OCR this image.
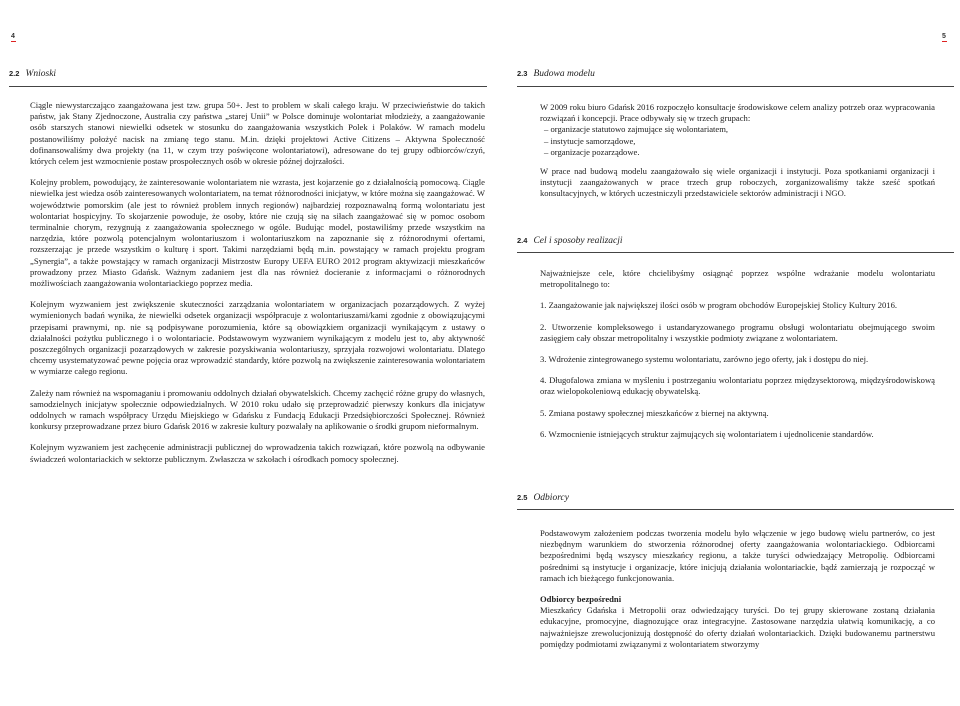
4
2.2 Wnioski

Ciągle niewystarczająco zaangażowana jest tzw. grupa 50+. Jest to problem w skali całego kraju. W przeciwieństwie do takich państw, jak Stany Zjednoczone, Australia czy państwa „starej Unii” w Polsce dominuje wolontariat młodzieży, a zaangażowanie osób starszych stanowi niewielki odsetek w stosunku do zaangażowania wszystkich Polek i Polaków. W ramach modelu postanowiliśmy położyć nacisk na zmianę tego stanu. M.in. dzięki projektowi Active Citizens – Aktywna Społeczność dofinansowaliśmy dwa projekty (na 11, w czym trzy poświęcone wolontariatowi), adresowane do tej grupy odbiorców/czyń, których celem jest wzmocnienie postaw prospołecznych osób w okresie późnej dojrzałości.

Kolejny problem, powodujący, że zainteresowanie wolontariatem nie wzrasta, jest kojarzenie go z działalnością pomocową. Ciągle niewielka jest wiedza osób zainteresowanych wolontariatem, na temat różnorodności inicjatyw, w które można się zaangażować. W województwie pomorskim (ale jest to również problem innych regionów) najbardziej rozpoznawalną formą wolontariatu jest wolontariat hospicyjny. To skojarzenie powoduje, że osoby, które nie czują się na siłach zaangażować się w pomoc osobom terminalnie chorym, rezygnują z zaangażowania społecznego w ogóle. Budując model, postawiliśmy przede wszystkim na narzędzia, które pozwolą potencjalnym wolontariuszom i wolontariuszkom na zapoznanie się z różnorodnymi ofertami, rozszerzając je przede wszystkim o kulturę i sport. Takimi narzędziami będą m.in. powstający w ramach projektu program „Synergia”, a także powstający w ramach organizacji Mistrzostw Europy UEFA EURO 2012 program aktywizacji mieszkańców prowadzony przez Miasto Gdańsk. Ważnym zadaniem jest dla nas również docieranie z informacjami o różnorodnych możliwościach zaangażowania wolontariackiego poprzez media.

Kolejnym wyzwaniem jest zwiększenie skuteczności zarządzania wolontariatem w organizacjach pozarządowych. Z wyżej wymienionych badań wynika, że niewielki odsetek organizacji współpracuje z wolontariuszami/kami zgodnie z obowiązującymi przepisami prawnymi, np. nie są podpisywane porozumienia, które są obowiązkiem organizacji wynikającym z ustawy o działalności pożytku publicznego i o wolontariacie. Podstawowym wyzwaniem wynikającym z modelu jest to, aby aktywność poszczególnych organizacji pozarządowych w zakresie pozyskiwania wolontariuszy, sprzyjała rozwojowi wolontariatu. Dlatego chcemy usystematyzować pewne pojęcia oraz wprowadzić standardy, które pozwolą na zwiększenie zainteresowania wolontariatem w wymiarze całego regionu.

Zależy nam również na wspomaganiu i promowaniu oddolnych działań obywatelskich. Chcemy zachęcić różne grupy do własnych, samodzielnych inicjatyw społecznie odpowiedzialnych. W 2010 roku udało się przeprowadzić pierwszy konkurs dla inicjatyw oddolnych w ramach współpracy Urzędu Miejskiego w Gdańsku z Fundacją Edukacji Przedsiębiorczości Społecznej. Również konkursy przeprowadzane przez biuro Gdańsk 2016 w zakresie kultury pozwalały na aplikowanie o środki grupom nieformalnym.

Kolejnym wyzwaniem jest zachęcenie administracji publicznej do wprowadzenia takich rozwiązań, które pozwolą na odbywanie świadczeń wolontariackich w sektorze publicznym. Zwłaszcza w szkołach i ośrodkach pomocy społecznej.

5
2.3 Budowa modelu

W 2009 roku biuro Gdańsk 2016 rozpoczęło konsultacje środowiskowe celem analizy potrzeb oraz wypracowania rozwiązań i koncepcji. Prace odbywały się w trzech grupach:

– organizacje statutowo zajmujące się wolontariatem,
– instytucje samorządowe,
– organizacje pozarządowe.

W prace nad budową modelu zaangażowało się wiele organizacji i instytucji. Poza spotkaniami organizacji i instytucji zaangażowanych w prace trzech grup roboczych, zorganizowaliśmy także sześć spotkań konsultacyjnych, w których uczestniczyli przedstawiciele sektorów administracji i NGO.

2.4 Cel i sposoby realizacji

Najważniejsze cele, które chcielibyśmy osiągnąć poprzez wspólne wdrażanie modelu wolontariatu metropolitalnego to:

1. Zaangażowanie jak największej ilości osób w program obchodów Europejskiej Stolicy Kultury 2016.

2. Utworzenie kompleksowego i ustandaryzowanego programu obsługi wolontariatu obejmującego swoim zasięgiem cały obszar metropolitalny i wszystkie podmioty związane z wolontariatem.

3. Wdrożenie zintegrowanego systemu wolontariatu, zarówno jego oferty, jak i dostępu do niej.

4. Długofalowa zmiana w myśleniu i postrzeganiu wolontariatu poprzez międzysektorową, międzyśrodowiskową oraz wielopokoleniową edukację obywatelską.

5. Zmiana postawy społecznej mieszkańców z biernej na aktywną.

6. Wzmocnienie istniejących struktur zajmujących się wolontariatem i ujednolicenie standardów.

2.5 Odbiorcy

Podstawowym założeniem podczas tworzenia modelu było włączenie w jego budowę wielu partnerów, co jest niezbędnym warunkiem do stworzenia różnorodnej oferty zaangażowania wolontariackiego. Odbiorcami bezpośrednimi będą wszyscy mieszkańcy regionu, a także turyści odwiedzający Metropolię. Odbiorcami pośrednimi są instytucje i organizacje, które inicjują działania wolontariackie, bądź zamierzają je rozpocząć w ramach ich bieżącego funkcjonowania.

Odbiorcy bezpośredni

Mieszkańcy Gdańska i Metropolii oraz odwiedzający turyści. Do tej grupy skierowane zostaną działania edukacyjne, promocyjne, diagnozujące oraz integracyjne. Zastosowane narzędzia ułatwią komunikację, a co najważniejsze zrewolucjonizują dostępność do oferty działań wolontariackich. Dzięki budowanemu partnerstwu pomiędzy podmiotami związanymi z wolontariatem stworzymy
